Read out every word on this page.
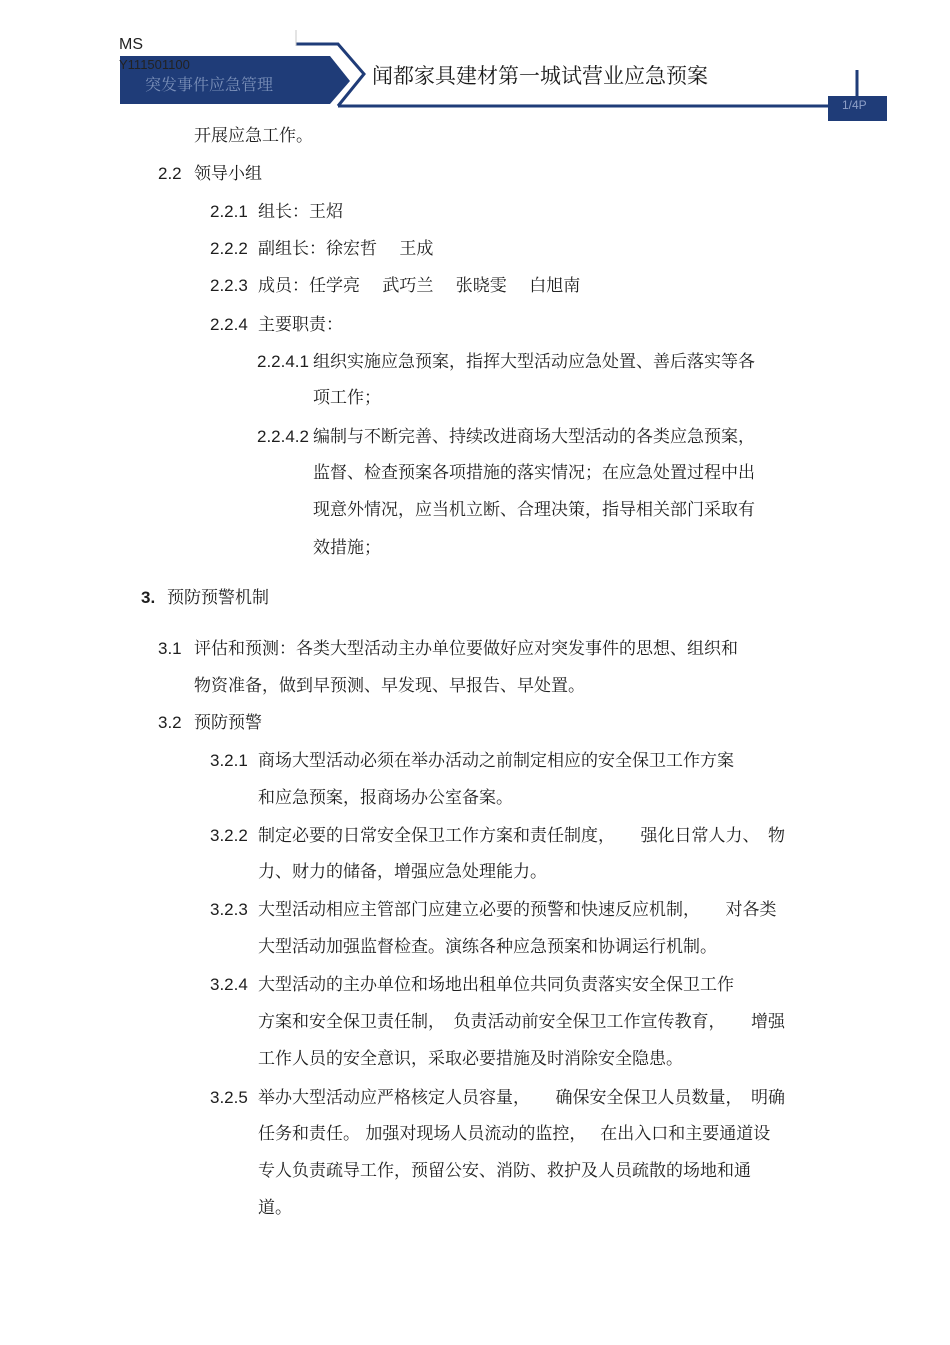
MS
Y111501100
突发事件应急管理	闻都家具建材第一城试营业应急预案
1/4P
开展应急工作。
2.2 领导小组
2.2.1 组长：王炤
2.2.2 副组长：徐宏哲　 王成
2.2.3 成员：任学亮　 武巧兰　 张晓雯　 白旭南
2.2.4 主要职责：
2.2.4.1 组织实施应急预案，指挥大型活动应急处置、善后落实等各
项工作；
2.2.4.2 编制与不断完善、持续改进商场大型活动的各类应急预案，
监督、检查预案各项措施的落实情况；在应急处置过程中出
现意外情况，应当机立断、合理决策，指导相关部门采取有
效措施；
3. 预防预警机制
3.1 评估和预测：各类大型活动主办单位要做好应对突发事件的思想、组织和
物资准备，做到早预测、早发现、早报告、早处置。
3.2 预防预警
3.2.1 商场大型活动必须在举办活动之前制定相应的安全保卫工作方案
和应急预案，报商场办公室备案。
3.2.2 制定必要的日常安全保卫工作方案和责任制度，　　强化日常人力、　物
力、财力的储备，增强应急处理能力。
3.2.3 大型活动相应主管部门应建立必要的预警和快速反应机制，　　对各类
大型活动加强监督检查。演练各种应急预案和协调运行机制。
3.2.4 大型活动的主办单位和场地出租单位共同负责落实安全保卫工作
方案和安全保卫责任制，　负责活动前安全保卫工作宣传教育，　　增强
工作人员的安全意识，采取必要措施及时消除安全隐患。
3.2.5 举办大型活动应严格核定人员容量，　　确保安全保卫人员数量，　明确
任务和责任。 加强对现场人员流动的监控，　 在出入口和主要通道设
专人负责疏导工作，预留公安、消防、救护及人员疏散的场地和通
道。
